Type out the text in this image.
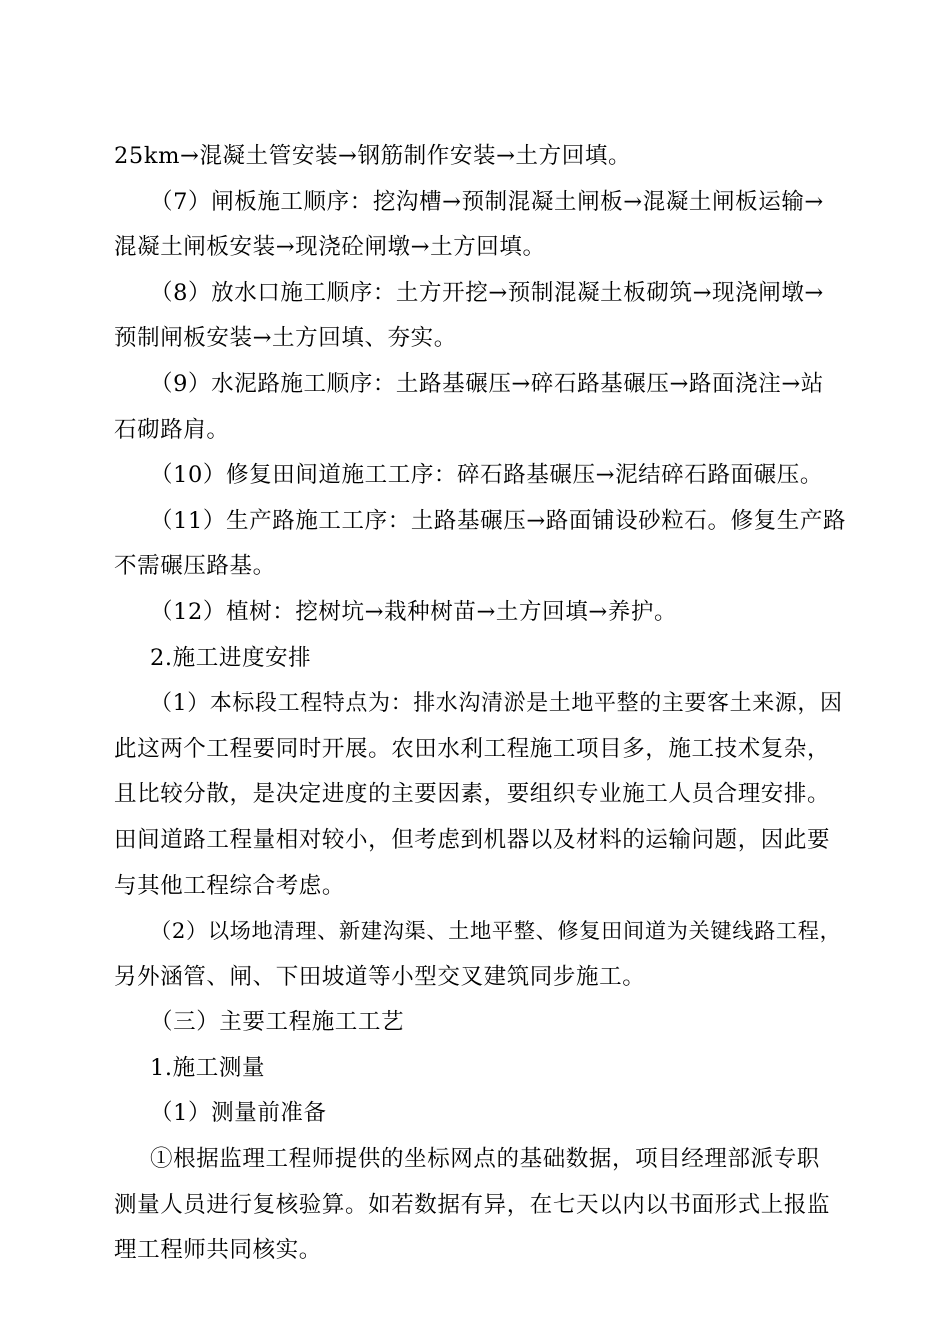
25km→混凝土管安装→钢筋制作安装→土方回填。
（7）闸板施工顺序：挖沟槽→预制混凝土闸板→混凝土闸板运输→
混凝土闸板安装→现浇砼闸墩→土方回填。
（8）放水口施工顺序：土方开挖→预制混凝土板砌筑→现浇闸墩→
预制闸板安装→土方回填、夯实。
（9）水泥路施工顺序：土路基碾压→碎石路基碾压→路面浇注→站
石砌路肩。
（10）修复田间道施工工序：碎石路基碾压→泥结碎石路面碾压。
（11）生产路施工工序：土路基碾压→路面铺设砂粒石。修复生产路
不需碾压路基。
（12）植树：挖树坑→栽种树苗→土方回填→养护。
2.施工进度安排
（1）本标段工程特点为：排水沟清淤是土地平整的主要客土来源，因
此这两个工程要同时开展。农田水利工程施工项目多，施工技术复杂，
且比较分散，是决定进度的主要因素，要组织专业施工人员合理安排。
田间道路工程量相对较小，但考虑到机器以及材料的运输问题，因此要
与其他工程综合考虑。
（2）以场地清理、新建沟渠、土地平整、修复田间道为关键线路工程，
另外涵管、闸、下田坡道等小型交叉建筑同步施工。
（三）主要工程施工工艺
1.施工测量
（1）测量前准备
①根据监理工程师提供的坐标网点的基础数据，项目经理部派专职
测量人员进行复核验算。如若数据有异，在七天以内以书面形式上报监
理工程师共同核实。
